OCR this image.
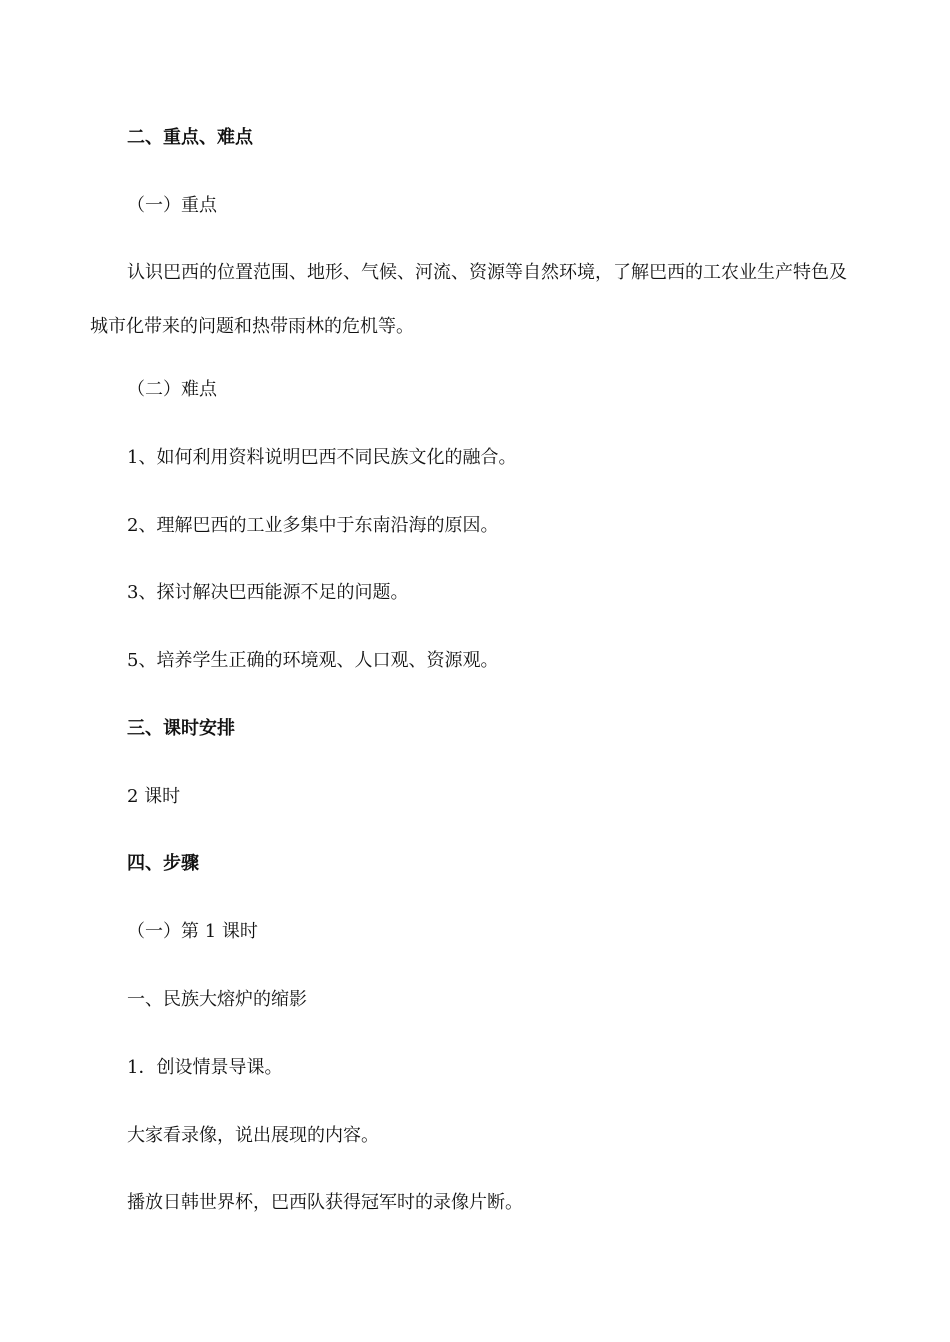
二、重点、难点
（一）重点
认识巴西的位置范围、地形、气候、河流、资源等自然环境，了解巴西的工农业生产特色及城市化带来的问题和热带雨林的危机等。
（二）难点
1、如何利用资料说明巴西不同民族文化的融合。
2、理解巴西的工业多集中于东南沿海的原因。
3、探讨解决巴西能源不足的问题。
5、培养学生正确的环境观、人口观、资源观。
三、课时安排
2 课时
四、步骤
（一）第 1 课时
一、民族大熔炉的缩影
1．创设情景导课。
大家看录像，说出展现的内容。
播放日韩世界杯，巴西队获得冠军时的录像片断。
